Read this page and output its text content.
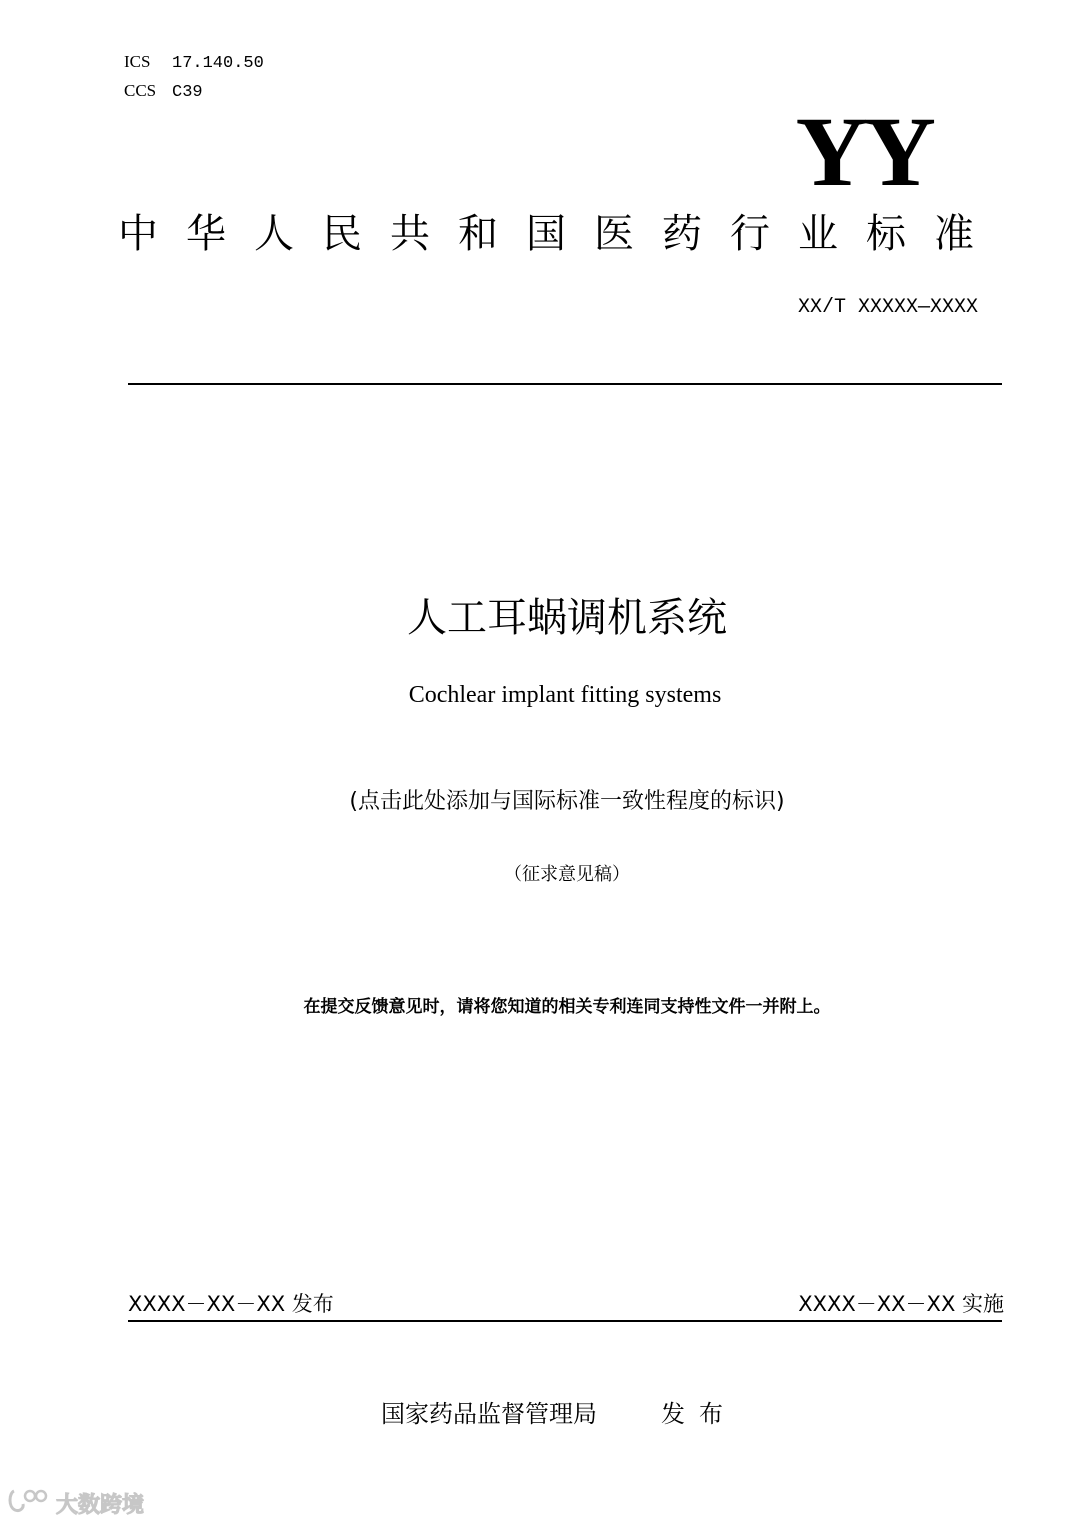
ICS 17.140.50
CCS C39
YY
中华人民共和国医药行业标准
XX/T XXXXX—XXXX
人工耳蜗调机系统
Cochlear implant fitting systems
(点击此处添加与国际标准一致性程度的标识)
（征求意见稿）
在提交反馈意见时，请将您知道的相关专利连同支持性文件一并附上。
XXXX－XX－XX 发布	XXXX－XX－XX 实施
国家药品监督管理局	发布
大数跨境
